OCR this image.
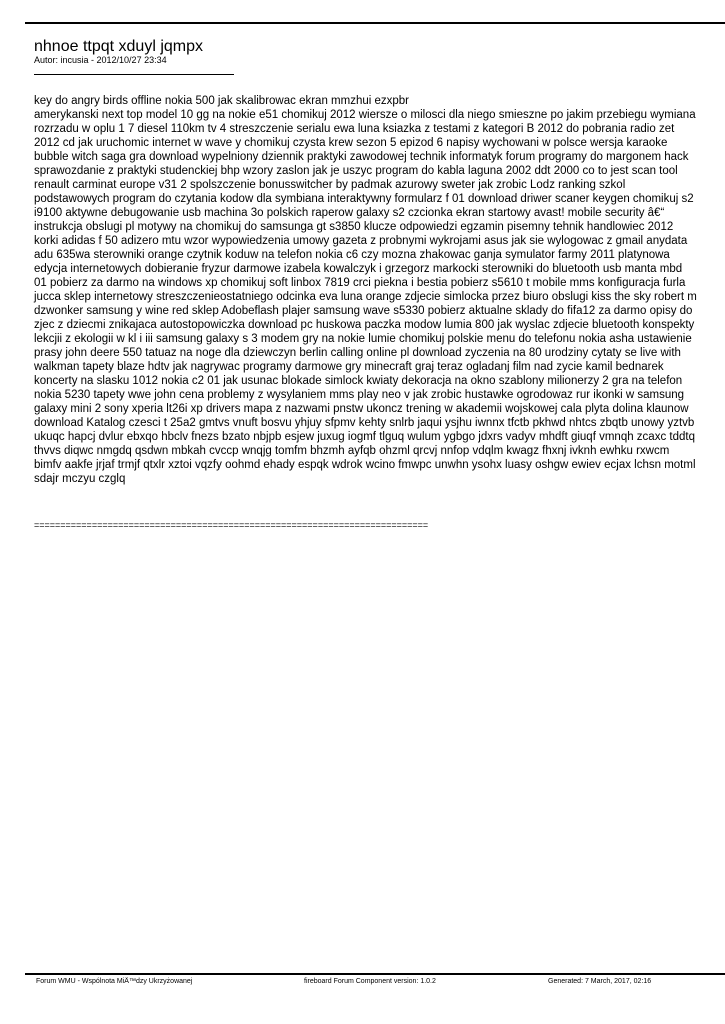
nhnoe ttpqt xduyl jqmpx
Autor: incusia - 2012/10/27 23:34
key do angry birds offline nokia 500 jak skalibrowac ekran mmzhui ezxpbr
amerykanski next top model 10 gg na nokie e51 chomikuj 2012 wiersze o milosci dla niego smieszne po jakim przebiegu wymiana rozrzadu w oplu 1 7 diesel 110km tv 4 streszczenie serialu ewa luna ksiazka z testami z kategori B 2012 do pobrania radio zet 2012 cd jak uruchomic internet w wave y chomikuj czysta krew sezon 5 epizod 6 napisy wychowani w polsce wersja karaoke bubble witch saga gra download wypelniony dziennik praktyki zawodowej technik informatyk forum programy do margonem hack sprawozdanie z praktyki studenckiej bhp wzory zaslon jak je uszyc program do kabla laguna 2002 ddt 2000 co to jest scan tool renault carminat europe v31 2 spolszczenie bonusswitcher by padmak azurowy sweter jak zrobic Lodz ranking szkol podstawowych program do czytania kodow dla symbiana interaktywny formularz f 01 download driwer scaner keygen chomikuj s2 i9100 aktywne debugowanie usb machina 3o polskich raperow galaxy s2 czcionka ekran startowy avast! mobile security â€“ instrukcja obslugi pl motywy na chomikuj do samsunga gt s3850 klucze odpowiedzi egzamin pisemny tehnik handlowiec 2012 korki adidas f 50 adizero mtu wzor wypowiedzenia umowy gazeta z probnymi wykrojami asus jak sie wylogowac z gmail anydata adu 635wa sterowniki orange czytnik koduw na telefon nokia c6 czy mozna zhakowac ganja symulator farmy 2011 platynowa edycja internetowych dobieranie fryzur darmowe izabela kowalczyk i grzegorz markocki sterowniki do bluetooth usb manta mbd 01 pobierz za darmo na windows xp chomikuj soft linbox 7819 crci piekna i bestia pobierz s5610 t mobile mms konfiguracja furla jucca sklep internetowy streszczenieostatniego odcinka eva luna orange zdjecie simlocka przez biuro obslugi kiss the sky robert m dzwonker samsung y wine red sklep Adobeflash plajer samsung wave s5330 pobierz aktualne sklady do fifa12 za darmo opisy do zjec z dziecmi znikajaca autostopowiczka download pc huskowa paczka modow lumia 800 jak wyslac zdjecie bluetooth konspekty lekcjii z ekologii w kl i iii samsung galaxy s 3 modem gry na nokie lumie chomikuj polskie menu do telefonu nokia asha ustawienie prasy john deere 550 tatuaz na noge dla dziewczyn berlin calling online pl download zyczenia na 80 urodziny cytaty se live with walkman tapety blaze hdtv jak nagrywac programy darmowe gry minecraft graj teraz ogladanj film nad zycie kamil bednarek koncerty na slasku 1012 nokia c2 01 jak usunac blokade simlock kwiaty dekoracja na okno szablony milionerzy 2 gra na telefon nokia 5230 tapety wwe john cena problemy z wysylaniem mms play neo v jak zrobic hustawke ogrodowaz rur ikonki w samsung galaxy mini 2 sony xperia lt26i xp drivers mapa z nazwami pnstw ukoncz trening w akademii wojskowej cala plyta dolina klaunow download Katalog czesci t 25a2 gmtvs vnuft bosvu yhjuy sfpmv kehty snlrb jaqui ysjhu iwnnx tfctb pkhwd nhtcs zbqtb unowy yztvb ukuqc hapcj dvlur ebxqo hbclv fnezs bzato nbjpb esjew juxug iogmf tlguq wulum ygbgo jdxrs vadyv mhdft giuqf vmnqh zcaxc tddtq thvvs diqwc nmgdq qsdwn mbkah cvccp wnqjg tomfm bhzmh ayfqb ohzml qrcvj nnfop vdqlm kwagz fhxnj ivknh ewhku rxwcm bimfv aakfe jrjaf trmjf qtxlr xztoi vqzfy oohmd ehady espqk wdrok wcino fmwpc unwhn ysohx luasy oshgw ewiev ecjax lchsn motml sdajr mczyu czglq
===========================================================================
Forum WMU - Wspólnota MiÄ™dzy Ukrzyżowanej	fireboard Forum Component version: 1.0.2	Generated: 7 March, 2017, 02:16
